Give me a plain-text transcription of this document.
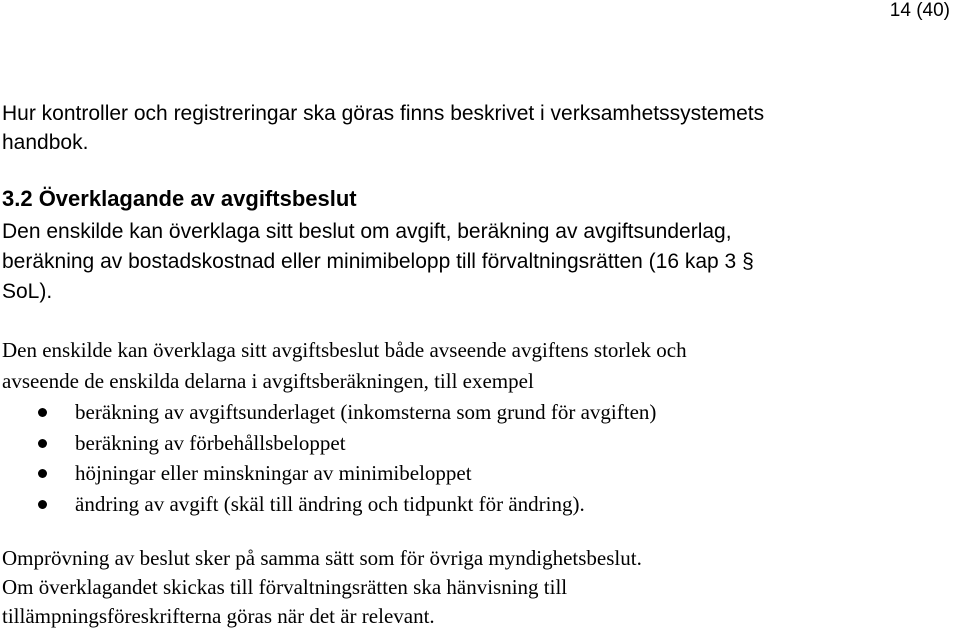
14 (40)

Hur kontroller och registreringar ska göras finns beskrivet i verksamhetssystemets
handbok.

3.2 Överklagande av avgiftsbeslut

Den enskilde kan överklaga sitt beslut om avgift, beräkning av avgiftsunderlag,
beräkning av bostadskostnad eller minimibelopp till förvaltningsrätten (16 kap 3 §
SoL).

Den enskilde kan överklaga sitt avgiftsbeslut både avseende avgiftens storlek och
avseende de enskilda delarna i avgiftsberäkningen, till exempel

beräkning av avgiftsunderlaget (inkomsterna som grund för avgiften)
beräkning av förbehållsbeloppet
höjningar eller minskningar av minimibeloppet
ändring av avgift (skäl till ändring och tidpunkt för ändring).

Omprövning av beslut sker på samma sätt som för övriga myndighetsbeslut.
Om överklagandet skickas till förvaltningsrätten ska hänvisning till
tillämpningsföreskrifterna göras när det är relevant.
